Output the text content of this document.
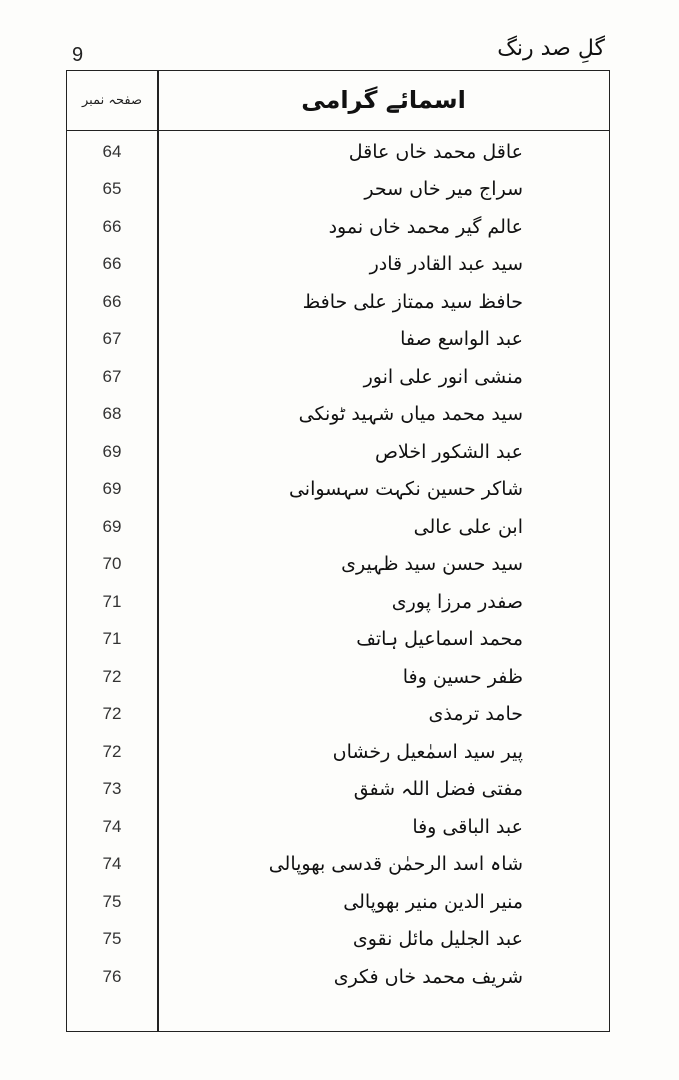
9	گلِ صد رنگ
صفحہ نمبر	اسمائے گرامی
64	عاقل محمد خاں عاقل
65	سراج میر خاں سحر
66	عالم گیر محمد خاں نمود
66	سید عبد القادر قادر
66	حافظ سید ممتاز علی حافظ
67	عبد الواسع صفا
67	منشی انور علی انور
68	سید محمد میاں شہید ٹونکی
69	عبد الشکور اخلاص
69	شاکر حسین نکہت سہسوانی
69	ابن علی عالی
70	سید حسن سید ظہیری
71	صفدر مرزا پوری
71	محمد اسماعیل ہاتف
72	ظفر حسین وفا
72	حامد ترمذی
72	پیر سید اسمٰعیل رخشاں
73	مفتی فضل اللہ شفق
74	عبد الباقی وفا
74	شاہ اسد الرحمٰن قدسی بھوپالی
75	منیر الدین منیر بھوپالی
75	عبد الجلیل مائل نقوی
76	شریف محمد خاں فکری
